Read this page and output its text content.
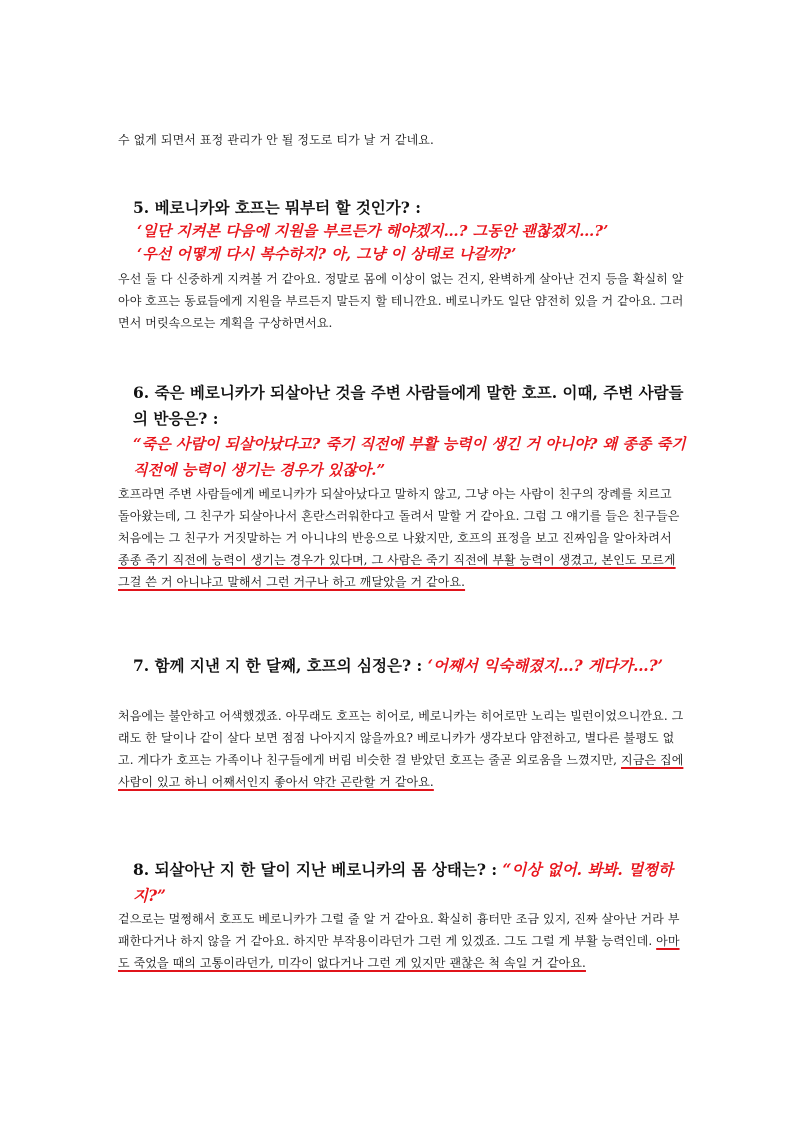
수 없게 되면서 표정 관리가 안 될 정도로 티가 날 거 같네요.
5. 베로니카와 호프는 뭐부터 할 것인가? :
‘일단 지켜본 다음에 지원을 부르든가 해야겠지…? 그동안 괜찮겠지…?’
‘우선 어떻게 다시 복수하지? 아, 그냥 이 상태로 나갈까?’
우선 둘 다 신중하게 지켜볼 거 같아요. 정말로 몸에 이상이 없는 건지, 완벽하게 살아난 건지 등을 확실히 알아야 호프는 동료들에게 지원을 부르든지 말든지 할 테니깐요. 베로니카도 일단 얌전히 있을 거 같아요. 그러면서 머릿속으로는 계획을 구상하면서요.
6. 죽은 베로니카가 되살아난 것을 주변 사람들에게 말한 호프. 이때, 주변 사람들의 반응은? :
“죽은 사람이 되살아났다고? 죽기 직전에 부활 능력이 생긴 거 아니야? 왜 종종 죽기 직전에 능력이 생기는 경우가 있잖아.”
호프라면 주변 사람들에게 베로니카가 되살아났다고 말하지 않고, 그냥 아는 사람이 친구의 장례를 치르고 돌아왔는데, 그 친구가 되살아나서 혼란스러워한다고 돌려서 말할 거 같아요. 그럼 그 얘기를 들은 친구들은 처음에는 그 친구가 거짓말하는 거 아니냐의 반응으로 나왔지만, 호프의 표정을 보고 진짜임을 알아차려서 종종 죽기 직전에 능력이 생기는 경우가 있다며, 그 사람은 죽기 직전에 부활 능력이 생겼고, 본인도 모르게 그걸 쓴 거 아니냐고 말해서 그런 거구나 하고 깨달았을 거 같아요.
7. 함께 지낸 지 한 달째, 호프의 심정은? : ‘어째서 익숙해졌지…? 게다가…?’
처음에는 불안하고 어색했겠죠. 아무래도 호프는 히어로, 베로니카는 히어로만 노리는 빌런이었으니깐요. 그래도 한 달이나 같이 살다 보면 점점 나아지지 않을까요? 베로니카가 생각보다 얌전하고, 별다른 불평도 없고. 게다가 호프는 가족이나 친구들에게 버림 비슷한 걸 받았던 호프는 줄곧 외로움을 느꼈지만, 지금은 집에 사람이 있고 하니 어째서인지 좋아서 약간 곤란할 거 같아요.
8. 되살아난 지 한 달이 지난 베로니카의 몸 상태는? : “이상 없어. 봐봐. 멀쩡하지?”
겉으로는 멀쩡해서 호프도 베로니카가 그럴 줄 알 거 같아요. 확실히 흉터만 조금 있지, 진짜 살아난 거라 부패한다거나 하지 않을 거 같아요. 하지만 부작용이라던가 그런 게 있겠죠. 그도 그럴 게 부활 능력인데. 아마도 죽었을 때의 고통이라던가, 미각이 없다거나 그런 게 있지만 괜찮은 척 속일 거 같아요.
